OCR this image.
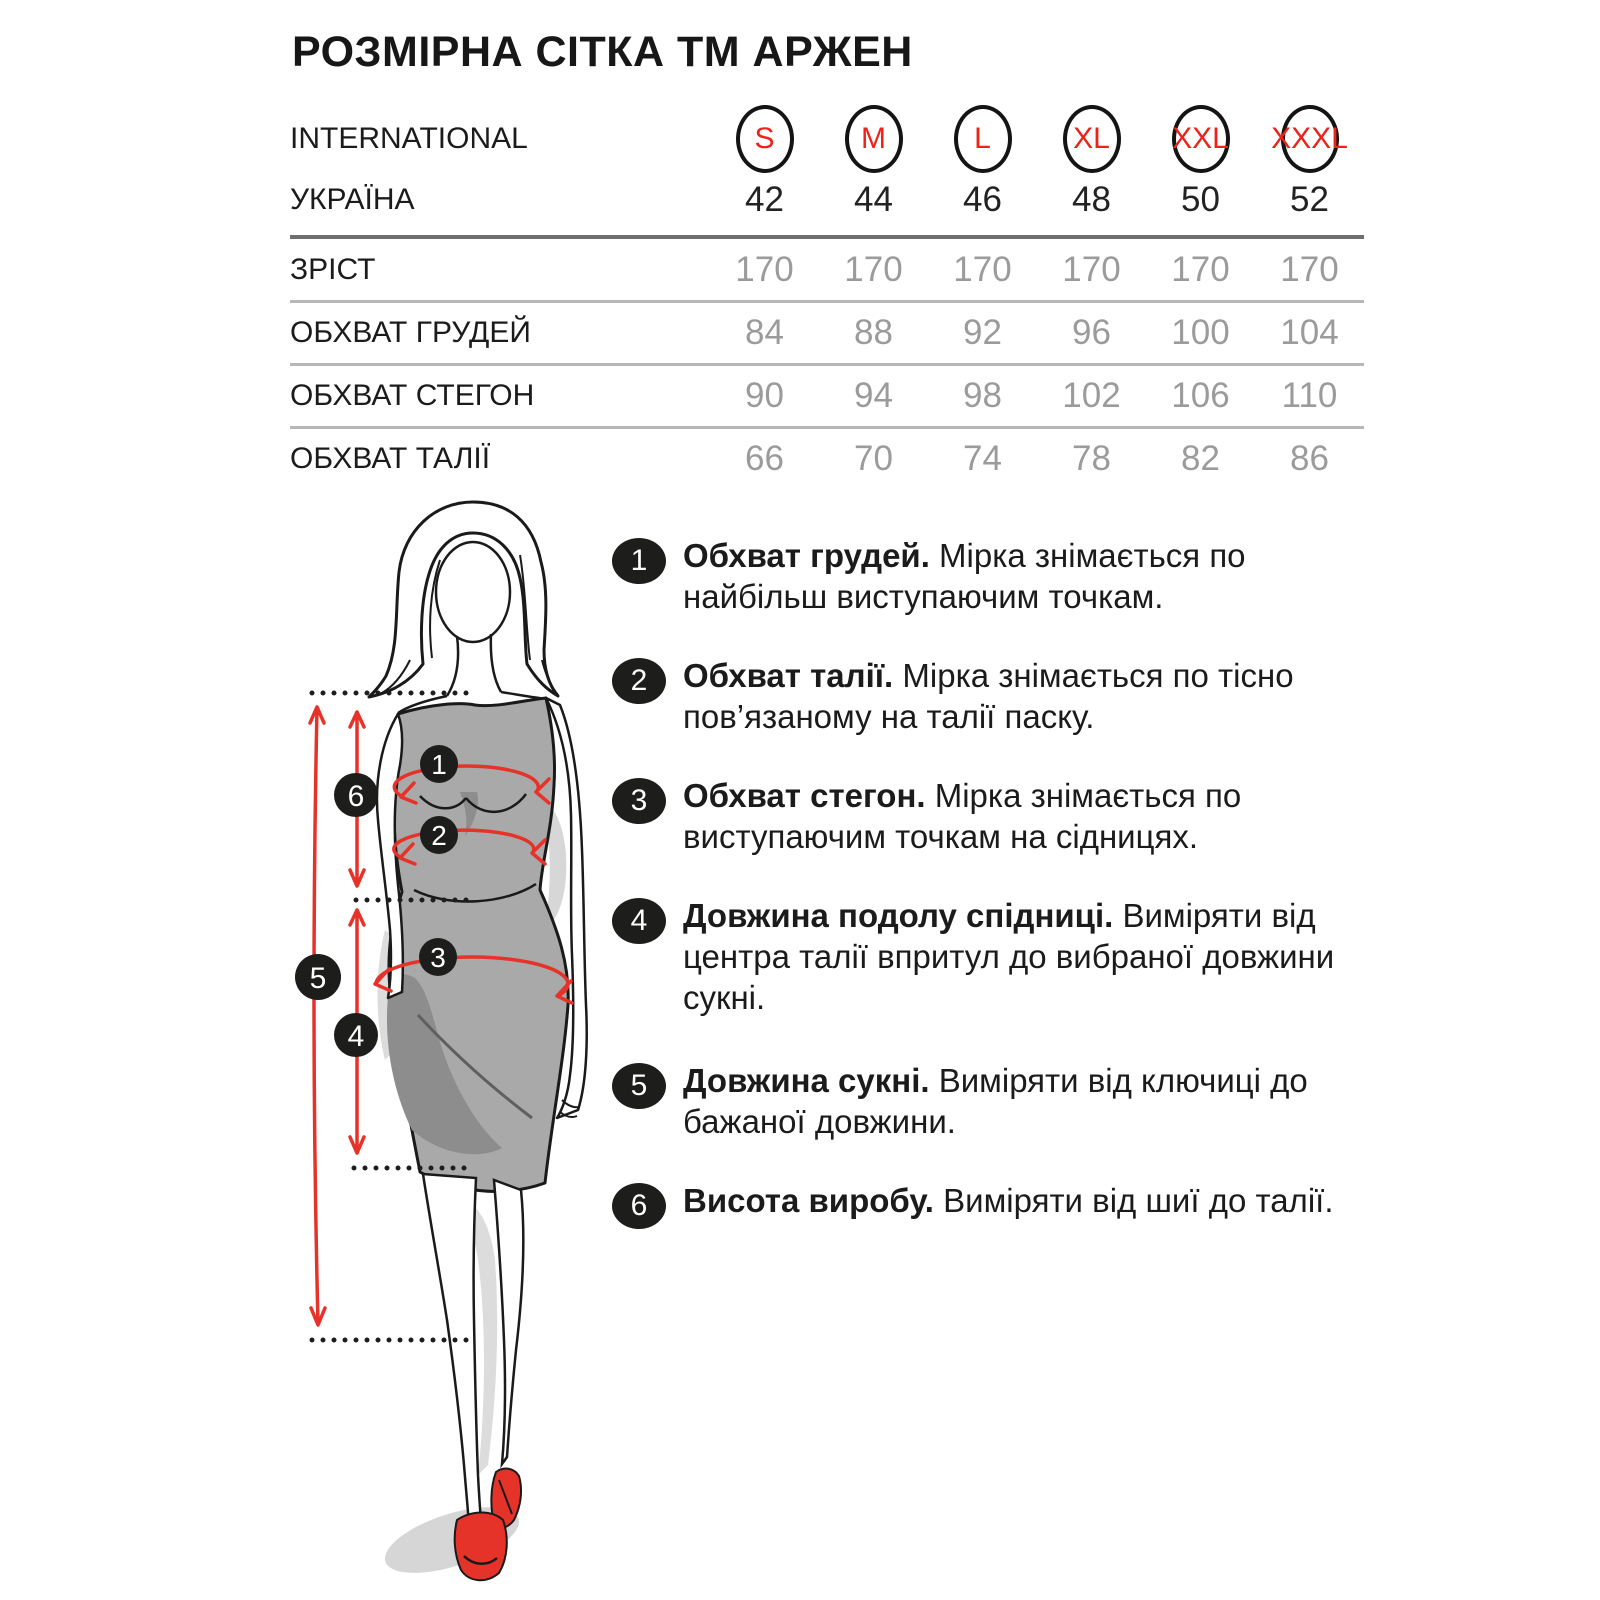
РОЗМІРНА СІТКА ТМ АРЖЕН
INTERNATIONAL	S	M	L	XL	XXL XXXL
УКРАЇНА	42	44	46	48	50	52
ЗРІСТ	170	170	170	170	170	170
ОБХВАТ ГРУДЕЙ	84	88	92	96	100	104
ОБХВАТ СТЕГОН	90	94	98	102	106	110
ОБХВАТ ТАЛІЇ	66	70	74	78	82	86
1 Обхват грудей. Мірка знімається по найбільш виступаючим точкам.

2 Обхват талії. Мірка знімається по тісно пов’язаному на талії паску.

3 Обхват стегон. Мірка знімається по виступаючим точкам на сідницях.

4 Довжина подолу спідниці. Виміряти від центра талії впритул до вибраної довжини сукні.

5 Довжина сукні. Виміряти від ключиці до бажаної довжини.

6 Висота виробу. Виміряти від шиї до талії.

1
2
3
4
5
6
